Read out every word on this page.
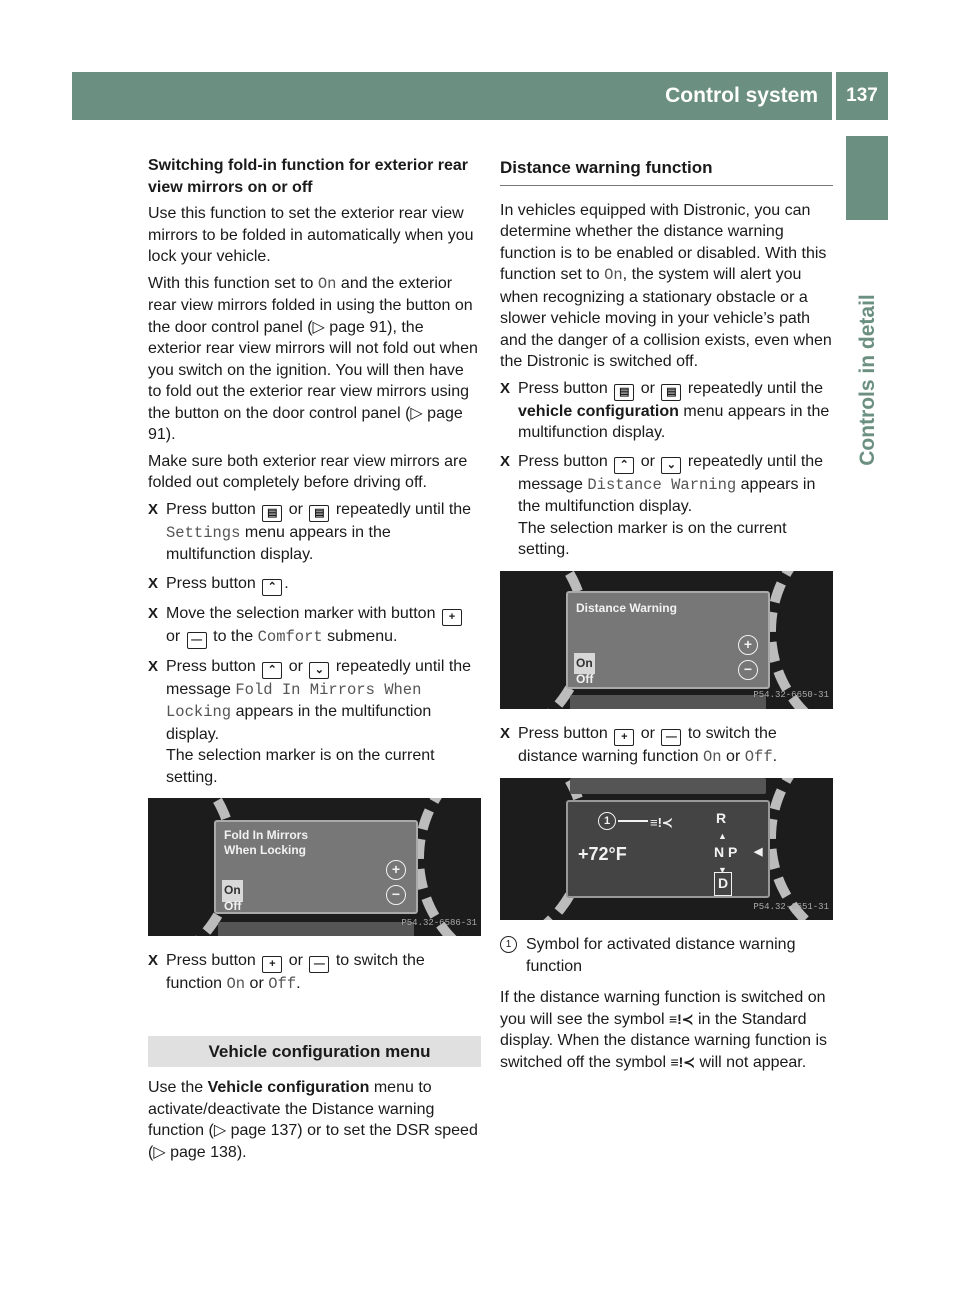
Control system	137
Controls in detail

Switching fold-in function for exterior rear view mirrors on or off

Use this function to set the exterior rear view mirrors to be folded in automatically when you lock your vehicle.

With this function set to On and the exterior rear view mirrors folded in using the button on the door control panel (▷ page 91), the exterior rear view mirrors will not fold out when you switch on the ignition. You will then have to fold out the exterior rear view mirrors using the button on the door control panel (▷ page 91).

Make sure both exterior rear view mirrors are folded out completely before driving off.

X Press button ▤ or ▤ repeatedly until the Settings menu appears in the multifunction display.
X Press button ⌃ .
X Move the selection marker with button + or — to the Comfort submenu.
X Press button ⌃ or ⌄ repeatedly until the message Fold In Mirrors When Locking appears in the multifunction display.
The selection marker is on the current setting.
Fold In Mirrors
When Locking
On
Off
+
−
P54.32-6586-31
X Press button + or — to switch the function On or Off.
Vehicle configuration menu

Use the Vehicle configuration menu to activate/deactivate the Distance warning function (▷ page 137) or to set the DSR speed (▷ page 138).

Distance warning function

In vehicles equipped with Distronic, you can determine whether the distance warning function is to be enabled or disabled. With this function set to On, the system will alert you when recognizing a stationary obstacle or a slower vehicle moving in your vehicle’s path and the danger of a collision exists, even when the Distronic is switched off.

X Press button ▤ or ▤ repeatedly until the vehicle configuration menu appears in the multifunction display.
X Press button ⌃ or ⌄ repeatedly until the message Distance Warning appears in the multifunction display.
The selection marker is on the current setting.
Distance Warning
On
Off
+
−
P54.32-6650-31
X Press button + or — to switch the distance warning function On or Off.
1	≡!≺
+72°F
R
▲
N P ◀
▼
D
P54.32-6651-31
1 Symbol for activated distance warning function

If the distance warning function is switched on you will see the symbol ≡!≺ in the Standard display. When the distance warning function is switched off the symbol ≡!≺ will not appear.
